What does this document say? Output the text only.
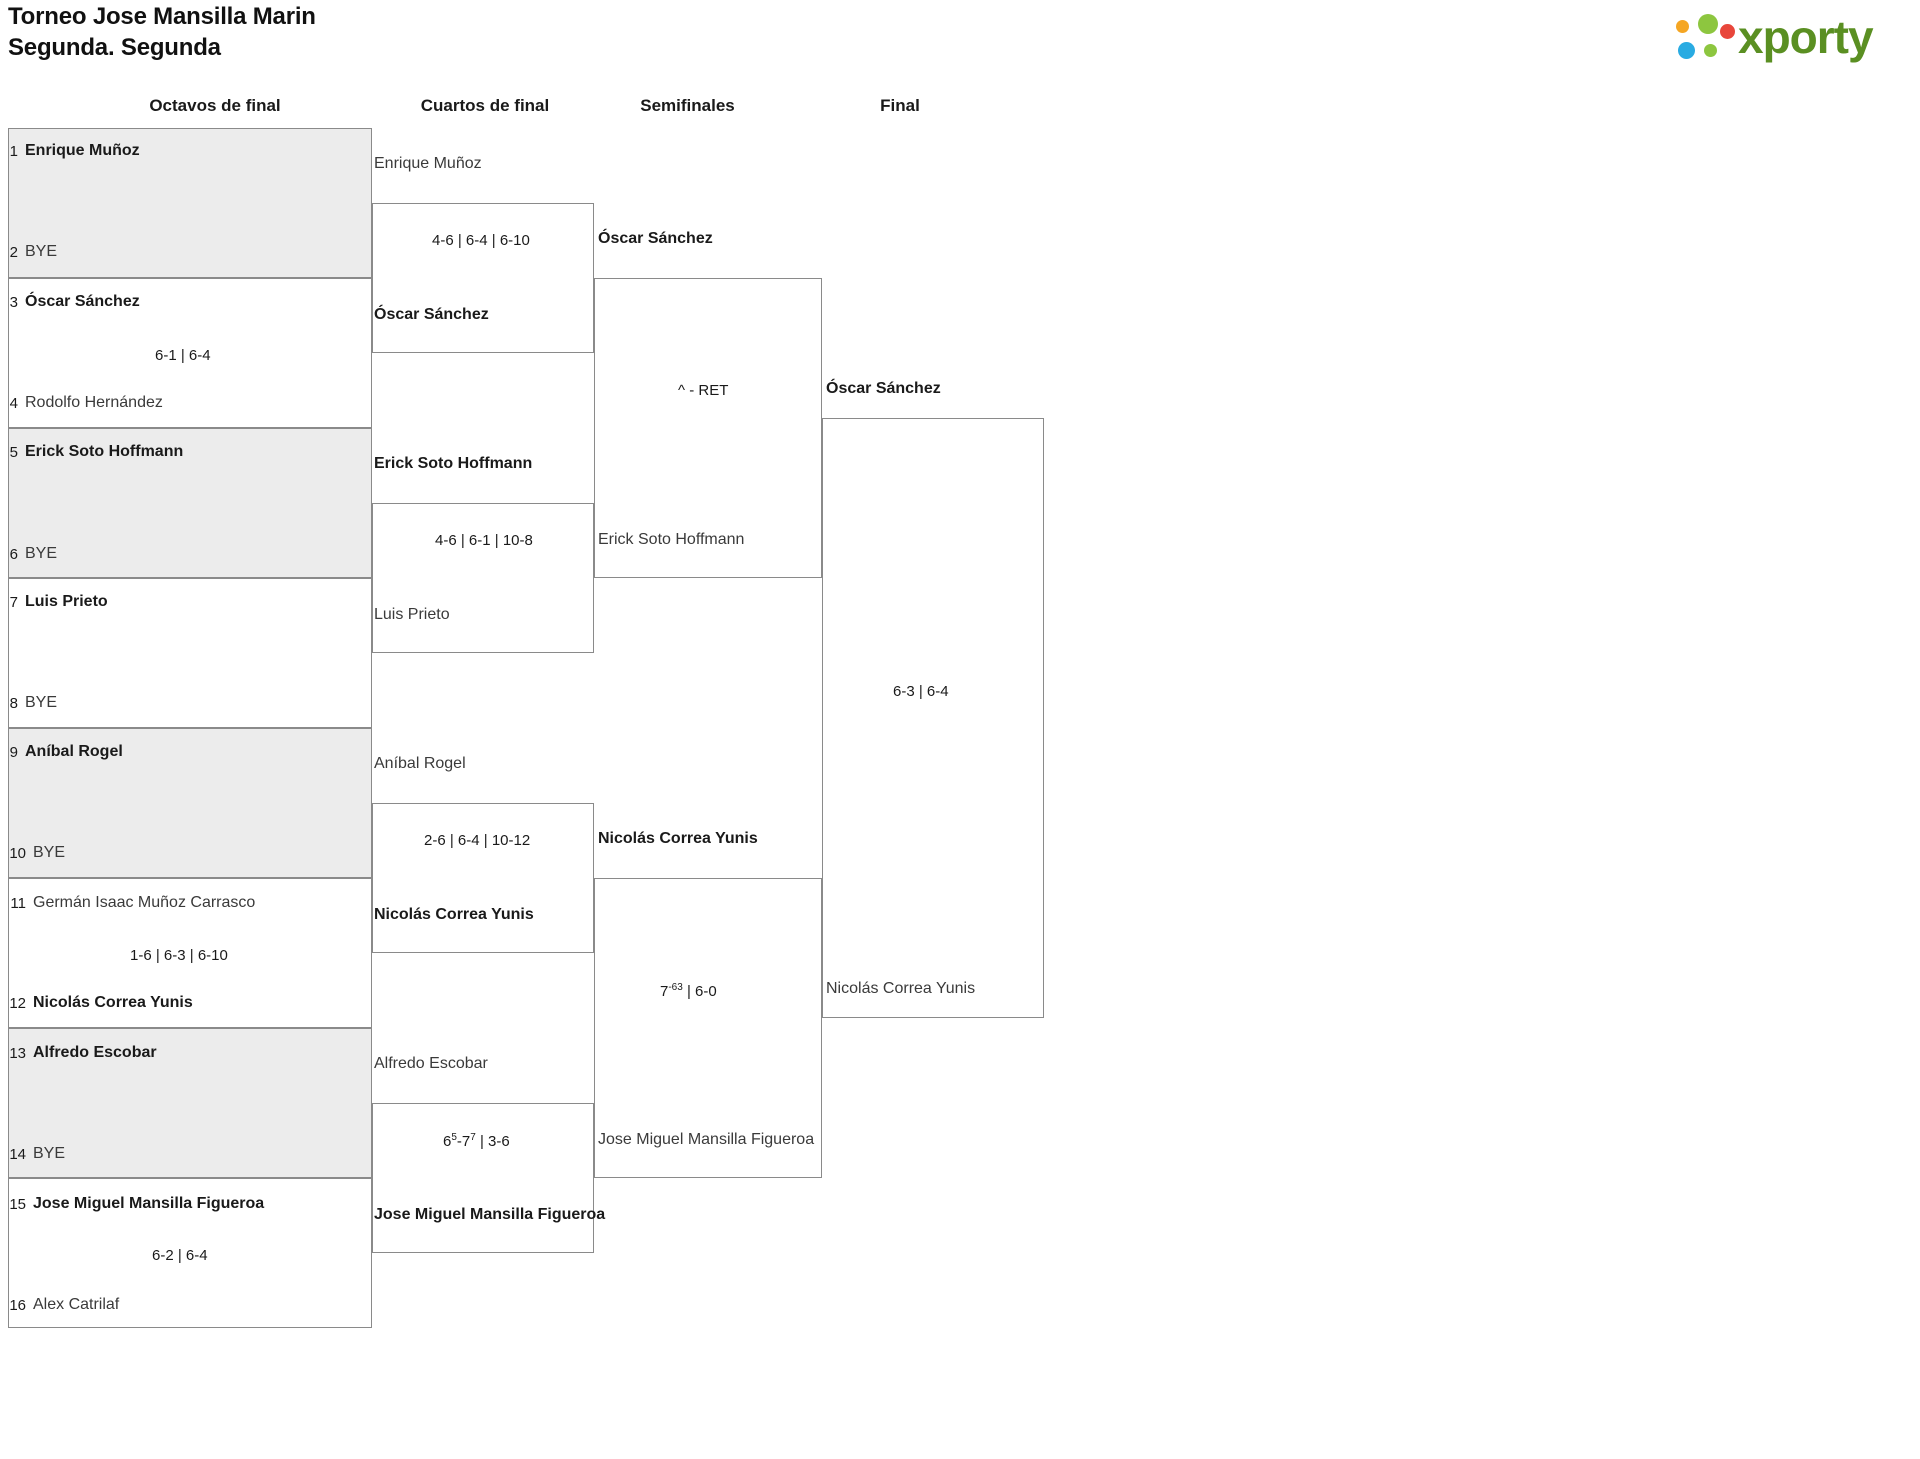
Torneo Jose Mansilla Marin
Segunda. Segunda	xporty
Octavos de final	Cuartos de final	Semifinales	Final
1 Enrique Muñoz
2 BYE
3 Óscar Sánchez
6-1 | 6-4
4 Rodolfo Hernández
5 Erick Soto Hoffmann
6 BYE
7 Luis Prieto
8 BYE
9 Aníbal Rogel
10 BYE
11 Germán Isaac Muñoz Carrasco
1-6 | 6-3 | 6-10
12 Nicolás Correa Yunis
13 Alfredo Escobar
14 BYE
15 Jose Miguel Mansilla Figueroa
6-2 | 6-4
16 Alex Catrilaf
Enrique Muñoz
4-6 | 6-4 | 6-10
Óscar Sánchez
Erick Soto Hoffmann
4-6 | 6-1 | 10-8
Luis Prieto
Aníbal Rogel
2-6 | 6-4 | 10-12
Nicolás Correa Yunis
Alfredo Escobar
$6^5-7^7$ | 3-6
Jose Miguel Mansilla Figueroa
Óscar Sánchez
^ - RET
Erick Soto Hoffmann
Nicolás Correa Yunis
$7^{-63}$ | 6-0
Jose Miguel Mansilla Figueroa
Óscar Sánchez
6-3 | 6-4
Nicolás Correa Yunis
